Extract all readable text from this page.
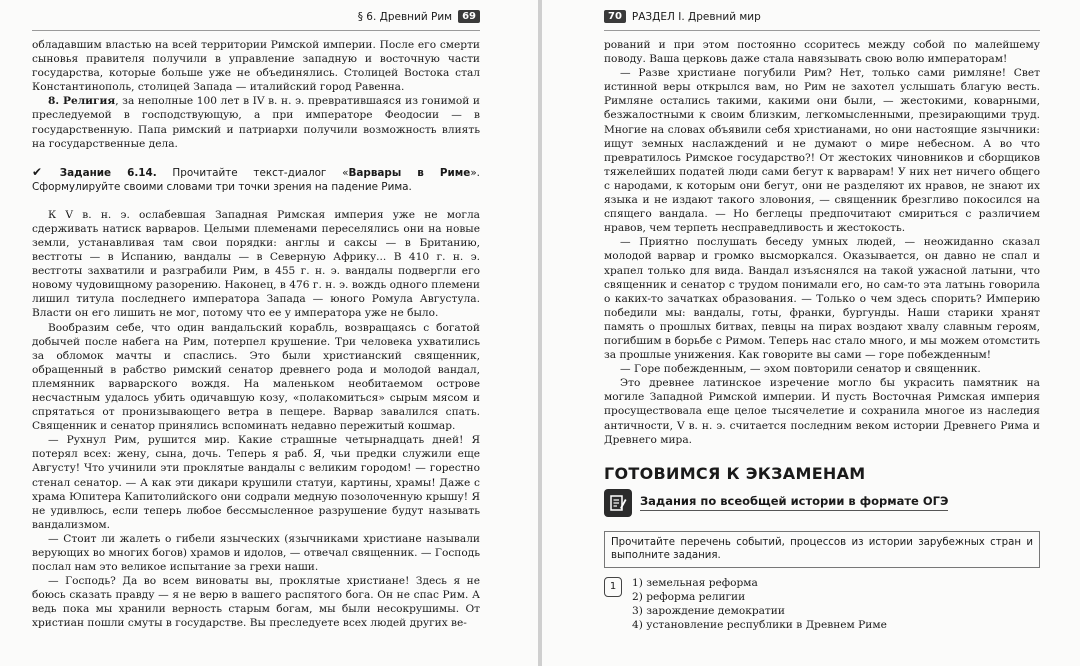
§ 6. Древний Рим	69

обладавшим властью на всей территории Римской империи. После его смерти сыновья правителя получили в управление западную и восточную части государства, которые больше уже не объединялись. Столицей Востока стал Константинополь, столицей Запада — италийский город Равенна.

8. Религия, за неполные 100 лет в IV в. н. э. превратившаяся из гонимой и преследуемой в господствующую, а при императоре Феодосии — в государственную. Папа римский и патриархи получили возможность влиять на государственные дела.

✔ Задание 6.14. Прочитайте текст-диалог «Варвары в Риме». Сформулируйте своими словами три точки зрения на падение Рима.

К V в. н. э. ослабевшая Западная Римская империя уже не могла сдерживать натиск варваров. Целыми племенами переселялись они на новые земли, устанавливая там свои порядки: англы и саксы — в Британию, вестготы — в Испанию, вандалы — в Северную Африку... В 410 г. н. э. вестготы захватили и разграбили Рим, в 455 г. н. э. вандалы подвергли его новому чудовищному разорению. Наконец, в 476 г. н. э. вождь одного племени лишил титула последнего императора Запада — юного Ромула Августула. Власти он его лишить не мог, потому что ее у императора уже не было.

Вообразим себе, что один вандальский корабль, возвращаясь с богатой добычей после набега на Рим, потерпел крушение. Три человека ухватились за обломок мачты и спаслись. Это были христианский священник, обращенный в рабство римский сенатор древнего рода и молодой вандал, племянник варварского вождя. На маленьком необитаемом острове несчастным удалось убить одичавшую козу, «полакомиться» сырым мясом и спрятаться от пронизывающего ветра в пещере. Варвар завалился спать. Священник и сенатор принялись вспоминать недавно пережитый кошмар.

— Рухнул Рим, рушится мир. Какие страшные четырнадцать дней! Я потерял всех: жену, сына, дочь. Теперь я раб. Я, чьи предки служили еще Августу! Что учинили эти проклятые вандалы с великим городом! — горестно стенал сенатор. — А как эти дикари крушили статуи, картины, храмы! Даже с храма Юпитера Капитолийского они содрали медную позолоченную крышу! Я не удивлюсь, если теперь любое бессмысленное разрушение будут называть вандализмом.

— Стоит ли жалеть о гибели языческих (язычниками христиане называли верующих во многих богов) храмов и идолов, — отвечал священник. — Господь послал нам это великое испытание за грехи наши.

— Господь? Да во всем виноваты вы, проклятые христиане! Здесь я не боюсь сказать правду — я не верю в вашего распятого бога. Он не спас Рим. А ведь пока мы хранили верность старым богам, мы были несокрушимы. От христиан пошли смуты в государстве. Вы преследуете всех людей других ве-

70 РАЗДЕЛ I. Древний мир

рований и при этом постоянно ссоритесь между собой по малейшему поводу. Ваша церковь даже стала навязывать свою волю императорам!

— Разве христиане погубили Рим? Нет, только сами римляне! Свет истинной веры открылся вам, но Рим не захотел услышать благую весть. Римляне остались такими, какими они были, — жестокими, коварными, безжалостными к своим близким, легкомысленными, презирающими труд. Многие на словах объявили себя христианами, но они настоящие язычники: ищут земных наслаждений и не думают о мире небесном. А во что превратилось Римское государство?! От жестоких чиновников и сборщиков тяжелейших податей люди сами бегут к варварам! У них нет ничего общего с народами, к которым они бегут, они не разделяют их нравов, не знают их языка и не издают такого зловония, — священник брезгливо покосился на спящего вандала. — Но беглецы предпочитают смириться с различием нравов, чем терпеть несправедливость и жестокость.

— Приятно послушать беседу умных людей, — неожиданно сказал молодой варвар и громко высморкался. Оказывается, он давно не спал и храпел только для вида. Вандал изъяснялся на такой ужасной латыни, что священник и сенатор с трудом понимали его, но сам-то эта латынь говорила о каких-то зачатках образования. — Только о чем здесь спорить? Империю победили мы: вандалы, готы, франки, бургунды. Наши старики хранят память о прошлых битвах, певцы на пирах воздают хвалу славным героям, погибшим в борьбе с Римом. Теперь нас стало много, и мы можем отомстить за прошлые унижения. Как говорите вы сами — горе побежденным!

— Горе побежденным, — эхом повторили сенатор и священник.

Это древнее латинское изречение могло бы украсить памятник на могиле Западной Римской империи. И пусть Восточная Римская империя просуществовала еще целое тысячелетие и сохранила многое из наследия античности, V в. н. э. считается последним веком истории Древнего Рима и Древнего мира.

ГОТОВИМСЯ К ЭКЗАМЕНАМ
Задания по всеобщей истории в формате ОГЭ
Прочитайте перечень событий, процессов из истории зарубежных стран и выполните задания.
1	1) земельная реформа
2) реформа религии
3) зарождение демократии
4) установление республики в Древнем Риме
